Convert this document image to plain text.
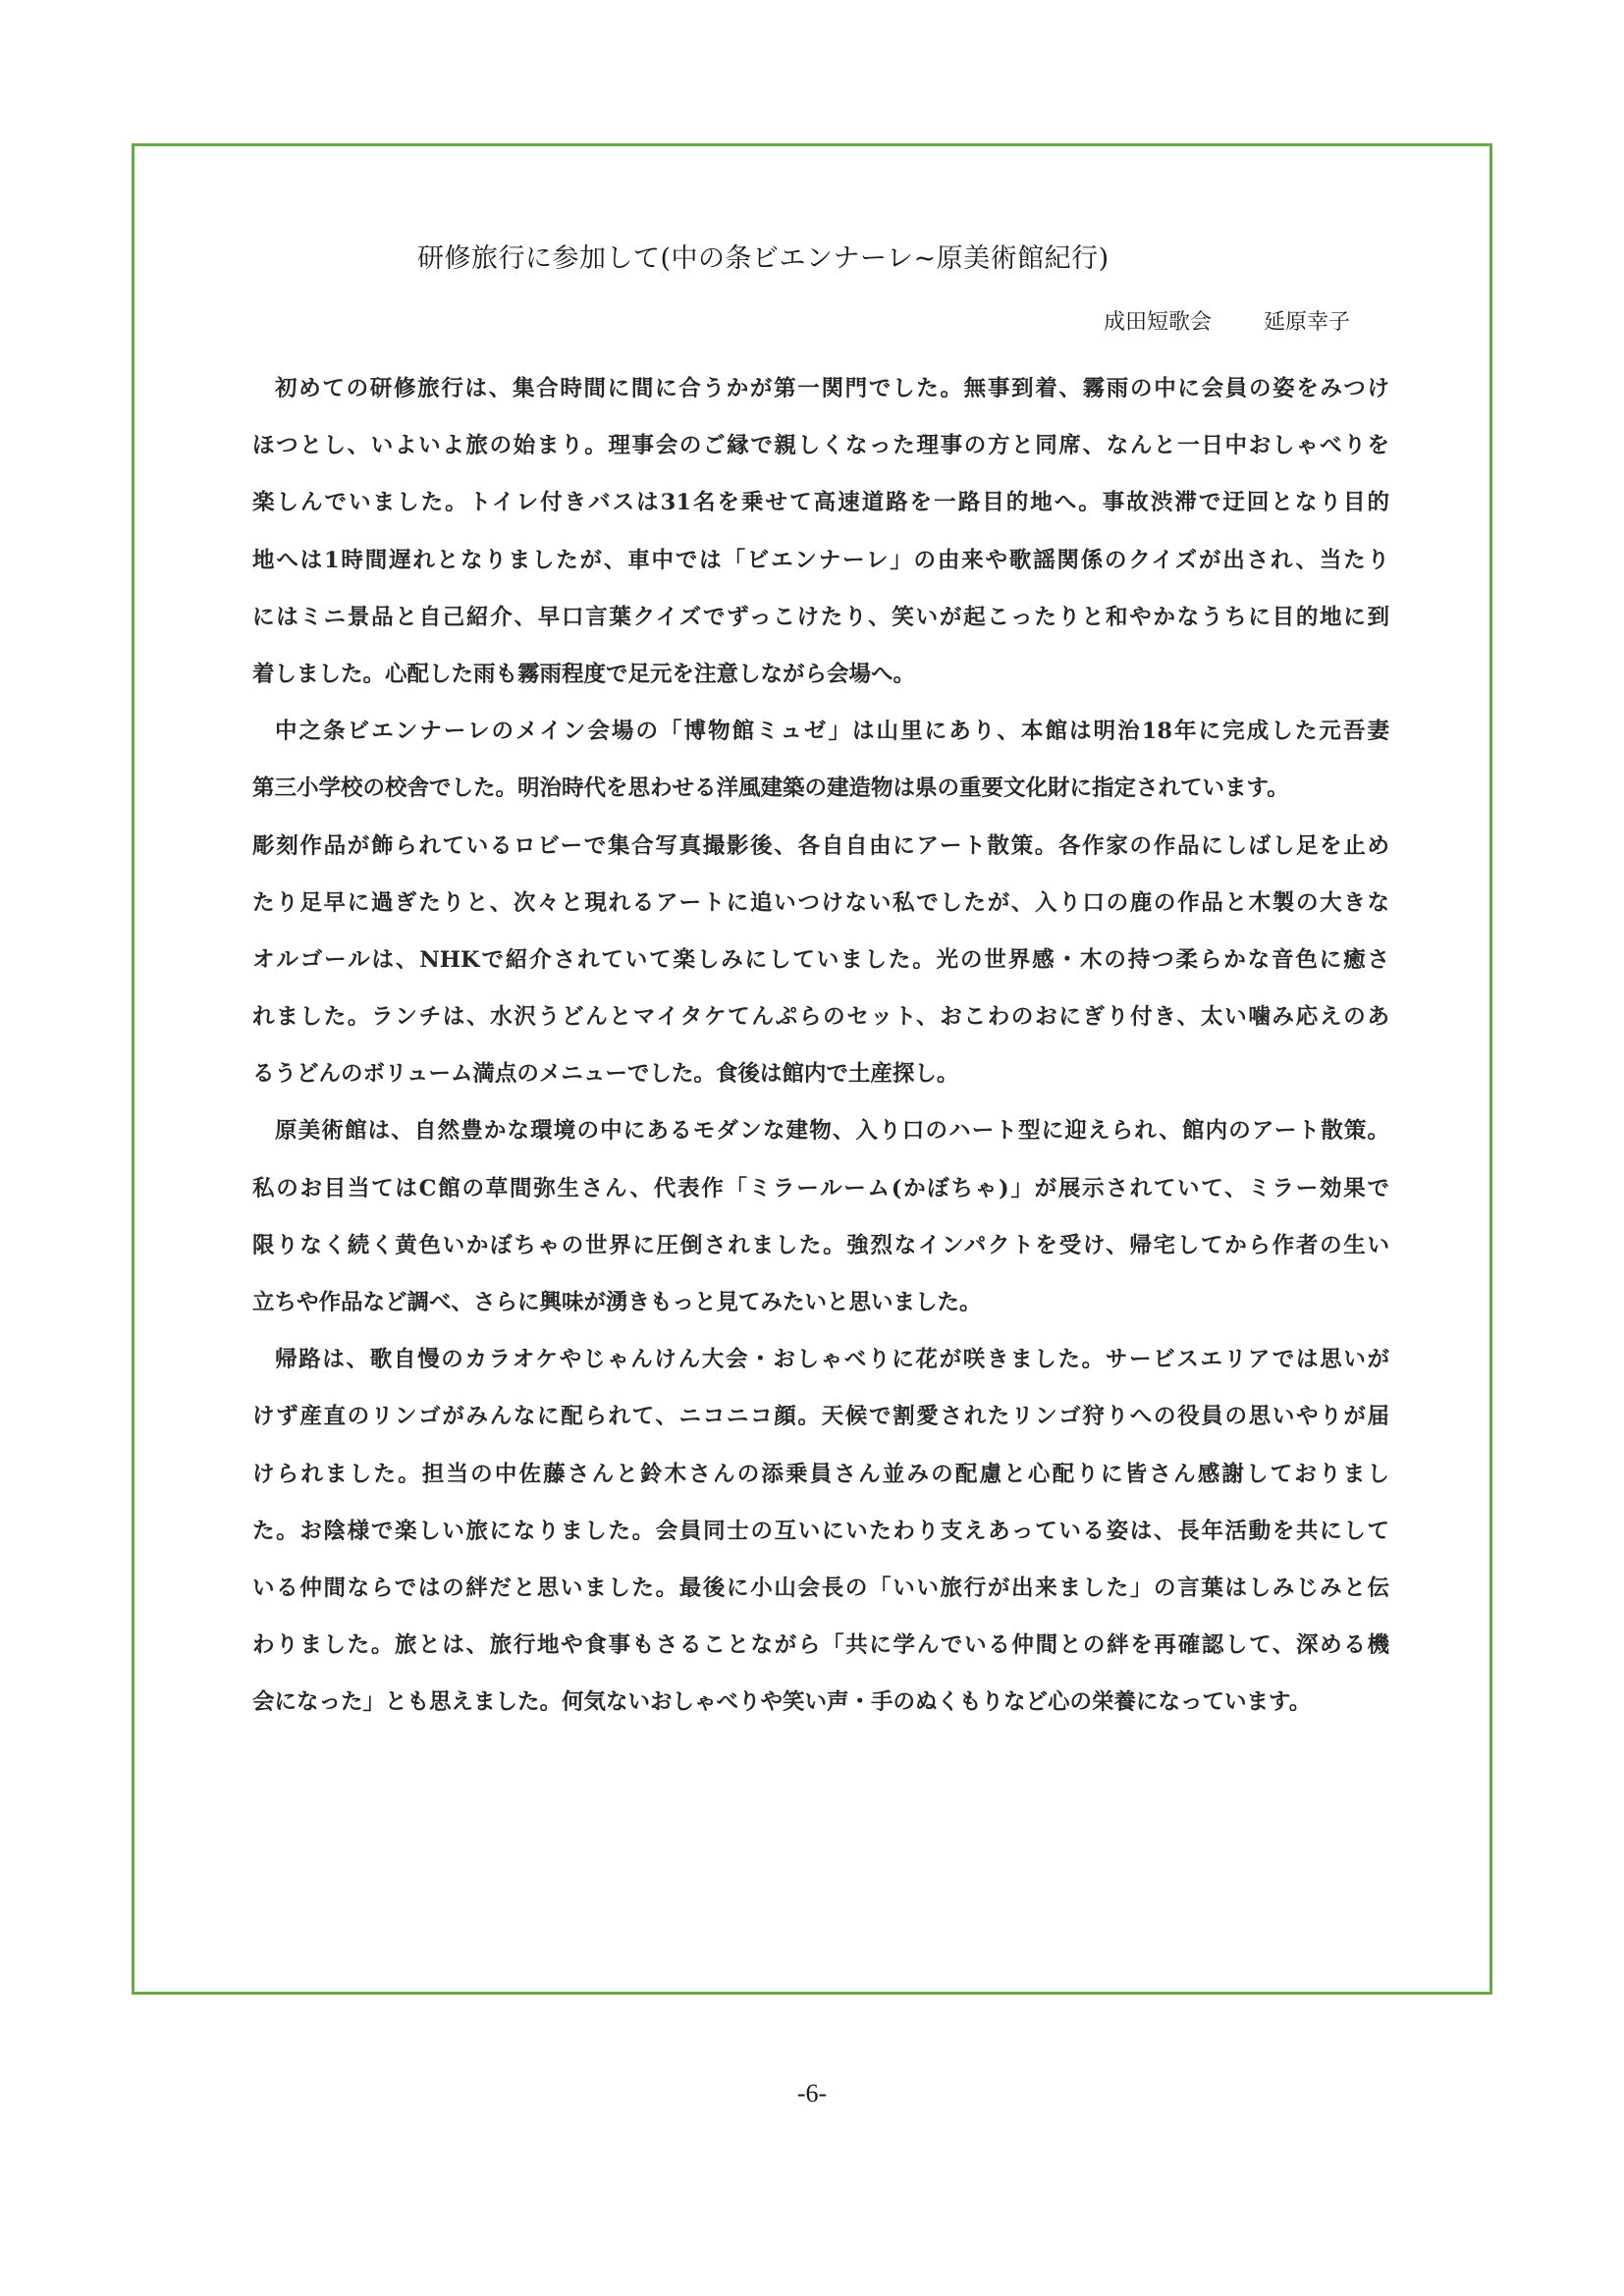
研修旅行に参加して(中の条ビエンナーレ~原美術館紀行)
成田短歌会 延原幸子
初めての研修旅行は、集合時間に間に合うかが第一関門でした。無事到着、霧雨の中に会員の姿をみつけ
ほつとし、いよいよ旅の始まり。理事会のご縁で親しくなった理事の方と同席、なんと一日中おしゃべりを
楽しんでいました。トイレ付きバスは31名を乗せて高速道路を一路目的地へ。事故渋滞で迂回となり目的
地へは1時間遅れとなりましたが、車中では「ビエンナーレ」の由来や歌謡関係のクイズが出され、当たり
にはミニ景品と自己紹介、早口言葉クイズでずっこけたり、笑いが起こったりと和やかなうちに目的地に到
着しました。心配した雨も霧雨程度で足元を注意しながら会場へ。
中之条ビエンナーレのメイン会場の「博物館ミュゼ」は山里にあり、本館は明治18年に完成した元吾妻
第三小学校の校舎でした。明治時代を思わせる洋風建築の建造物は県の重要文化財に指定されています。
彫刻作品が飾られているロビーで集合写真撮影後、各自自由にアート散策。各作家の作品にしばし足を止め
たり足早に過ぎたりと、次々と現れるアートに追いつけない私でしたが、入り口の鹿の作品と木製の大きな
オルゴールは、NHKで紹介されていて楽しみにしていました。光の世界感・木の持つ柔らかな音色に癒さ
れました。ランチは、水沢うどんとマイタケてんぷらのセット、おこわのおにぎり付き、太い噛み応えのあ
るうどんのボリューム満点のメニューでした。食後は館内で土産探し。
原美術館は、自然豊かな環境の中にあるモダンな建物、入り口のハート型に迎えられ、館内のアート散策。
私のお目当てはC館の草間弥生さん、代表作「ミラールーム(かぼちゃ)」が展示されていて、ミラー効果で
限りなく続く黄色いかぼちゃの世界に圧倒されました。強烈なインパクトを受け、帰宅してから作者の生い
立ちや作品など調べ、さらに興味が湧きもっと見てみたいと思いました。
帰路は、歌自慢のカラオケやじゃんけん大会・おしゃべりに花が咲きました。サービスエリアでは思いが
けず産直のリンゴがみんなに配られて、ニコニコ顔。天候で割愛されたリンゴ狩りへの役員の思いやりが届
けられました。担当の中佐藤さんと鈴木さんの添乗員さん並みの配慮と心配りに皆さん感謝しておりまし
た。お陰様で楽しい旅になりました。会員同士の互いにいたわり支えあっている姿は、長年活動を共にして
いる仲間ならではの絆だと思いました。最後に小山会長の「いい旅行が出来ました」の言葉はしみじみと伝
わりました。旅とは、旅行地や食事もさることながら「共に学んでいる仲間との絆を再確認して、深める機
会になった」とも思えました。何気ないおしゃべりや笑い声・手のぬくもりなど心の栄養になっています。
-6-
